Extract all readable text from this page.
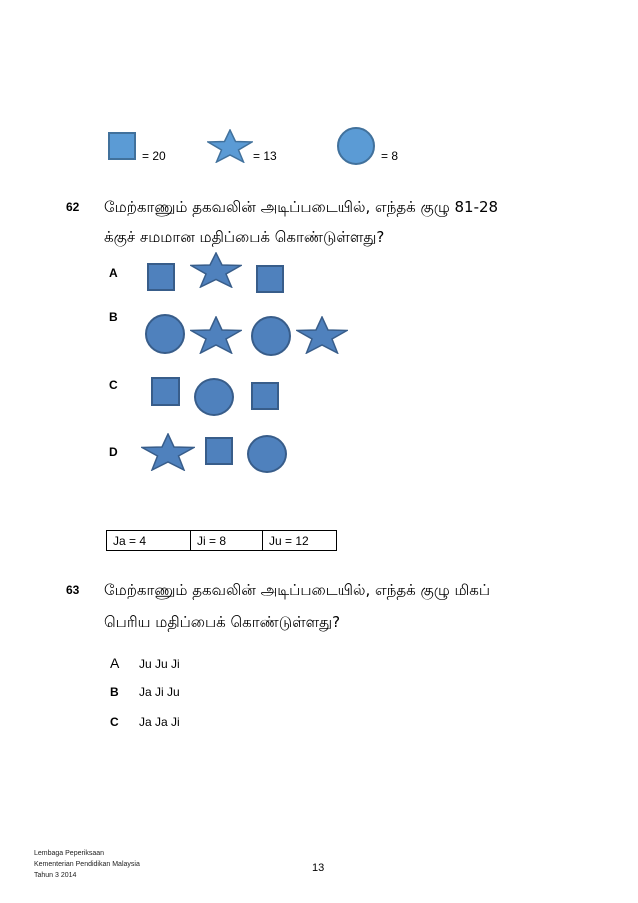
= 20	= 13	= 8
62 மேற்காணும் தகவலின் அடிப்படையில், எந்தக் குழு 81-28
க்குச் சமமான மதிப்பைக் கொண்டுள்ளது?
A
B
C
D
Ja = 4	Ji = 8	Ju = 12
63 மேற்காணும் தகவலின் அடிப்படையில், எந்தக் குழு மிகப்
பெரிய மதிப்பைக் கொண்டுள்ளது?
A Ju Ju Ji
B Ja Ji Ju
C Ja Ja Ji
Lembaga Peperiksaan
Kementerian Pendidikan Malaysia
Tahun 3 2014
13
